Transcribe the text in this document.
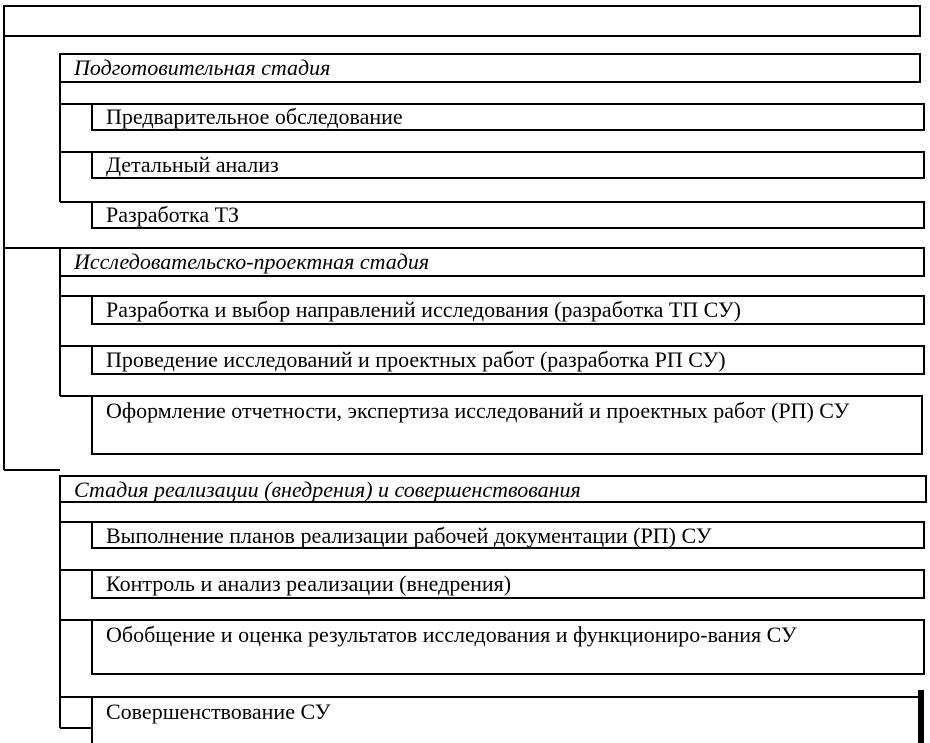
Подготовительная стадия
Предварительное обследование
Детальный анализ
Разработка ТЗ
Исследовательско-проектная стадия
Разработка и выбор направлений исследования (разработка ТП СУ)
Проведение исследований и проектных работ (разработка РП СУ)
Оформление отчетности, экспертиза исследований и проектных работ (РП) СУ
Стадия реализации (внедрения) и совершенствования
Выполнение планов реализации рабочей документации (РП) СУ
Контроль и анализ реализации (внедрения)
Обобщение и оценка результатов исследования и функциониро-вания СУ
Совершенствование СУ
